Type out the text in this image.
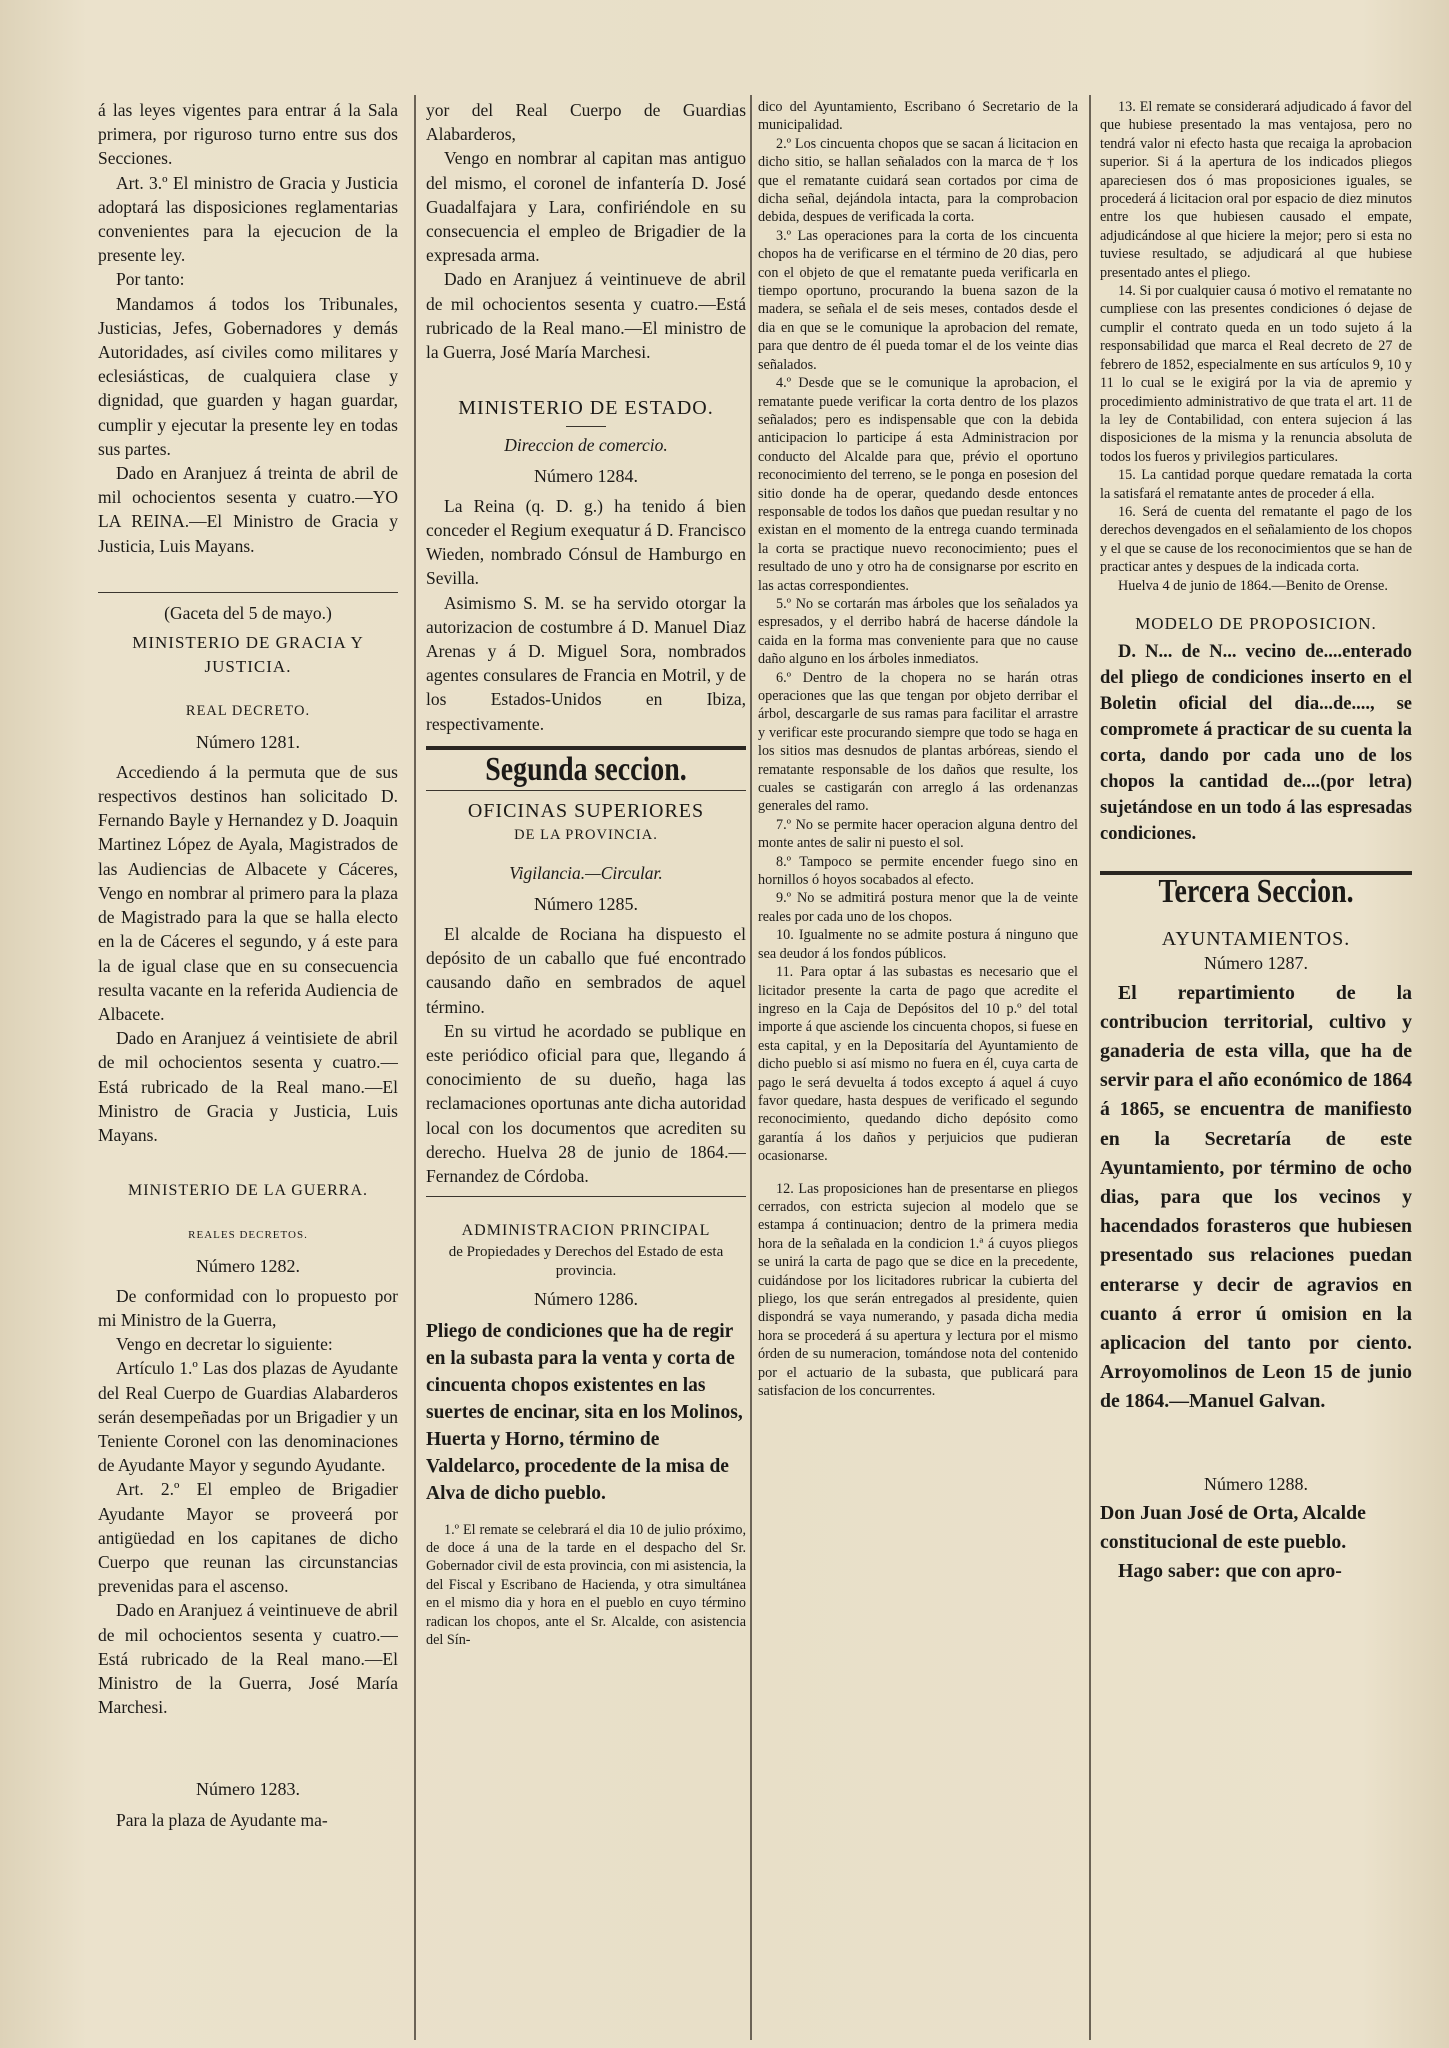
á las leyes vigentes para entrar á la Sala primera, por riguroso turno entre sus dos Secciones.

Art. 3.º El ministro de Gracia y Justicia adoptará las disposiciones reglamentarias convenientes para la ejecucion de la presente ley.

Por tanto:

Mandamos á todos los Tribunales, Justicias, Jefes, Gobernadores y demás Autoridades, así civiles como militares y eclesiásticas, de cualquiera clase y dignidad, que guarden y hagan guardar, cumplir y ejecutar la presente ley en todas sus partes.

Dado en Aranjuez á treinta de abril de mil ochocientos sesenta y cuatro.—YO LA REINA.—El Ministro de Gracia y Justicia, Luis Mayans.

(Gaceta del 5 de mayo.)

MINISTERIO DE GRACIA Y JUSTICIA.

REAL DECRETO.

Número 1281.

Accediendo á la permuta que de sus respectivos destinos han solicitado D. Fernando Bayle y Hernandez y D. Joaquin Martinez López de Ayala, Magistrados de las Audiencias de Albacete y Cáceres, Vengo en nombrar al primero para la plaza de Magistrado para la que se halla electo en la de Cáceres el segundo, y á este para la de igual clase que en su consecuencia resulta vacante en la referida Audiencia de Albacete.

Dado en Aranjuez á veintisiete de abril de mil ochocientos sesenta y cuatro.—Está rubricado de la Real mano.—El Ministro de Gracia y Justicia, Luis Mayans.

MINISTERIO DE LA GUERRA.

REALES DECRETOS.

Número 1282.

De conformidad con lo propuesto por mi Ministro de la Guerra,

Vengo en decretar lo siguiente:

Artículo 1.º Las dos plazas de Ayudante del Real Cuerpo de Guardias Alabarderos serán desempeñadas por un Brigadier y un Teniente Coronel con las denominaciones de Ayudante Mayor y segundo Ayudante.

Art. 2.º El empleo de Brigadier Ayudante Mayor se proveerá por antigüedad en los capitanes de dicho Cuerpo que reunan las circunstancias prevenidas para el ascenso.

Dado en Aranjuez á veintinueve de abril de mil ochocientos sesenta y cuatro.—Está rubricado de la Real mano.—El Ministro de la Guerra, José María Marchesi.

Número 1283.

Para la plaza de Ayudante ma-

yor del Real Cuerpo de Guardias Alabarderos,

Vengo en nombrar al capitan mas antiguo del mismo, el coronel de infantería D. José Guadalfajara y Lara, confiriéndole en su consecuencia el empleo de Brigadier de la expresada arma.

Dado en Aranjuez á veintinueve de abril de mil ochocientos sesenta y cuatro.—Está rubricado de la Real mano.—El ministro de la Guerra, José María Marchesi.

MINISTERIO DE ESTADO.

Direccion de comercio.

Número 1284.

La Reina (q. D. g.) ha tenido á bien conceder el Regium exequatur á D. Francisco Wieden, nombrado Cónsul de Hamburgo en Sevilla.

Asimismo S. M. se ha servido otorgar la autorizacion de costumbre á D. Manuel Diaz Arenas y á D. Miguel Sora, nombrados agentes consulares de Francia en Motril, y de los Estados-Unidos en Ibiza, respectivamente.

Segunda seccion.

OFICINAS SUPERIORES

DE LA PROVINCIA.

Vigilancia.—Circular.

Número 1285.

El alcalde de Rociana ha dispuesto el depósito de un caballo que fué encontrado causando daño en sembrados de aquel término.

En su virtud he acordado se publique en este periódico oficial para que, llegando á conocimiento de su dueño, haga las reclamaciones oportunas ante dicha autoridad local con los documentos que acrediten su derecho. Huelva 28 de junio de 1864.—Fernandez de Córdoba.

ADMINISTRACION PRINCIPAL

de Propiedades y Derechos del Estado de esta provincia.

Número 1286.

Pliego de condiciones que ha de regir en la subasta para la venta y corta de cincuenta chopos existentes en las suertes de encinar, sita en los Molinos, Huerta y Horno, término de Valdelarco, procedente de la misa de Alva de dicho pueblo.

1.º El remate se celebrará el dia 10 de julio próximo, de doce á una de la tarde en el despacho del Sr. Gobernador civil de esta provincia, con mi asistencia, la del Fiscal y Escribano de Hacienda, y otra simultánea en el mismo dia y hora en el pueblo en cuyo término radican los chopos, ante el Sr. Alcalde, con asistencia del Sín-

dico del Ayuntamiento, Escribano ó Secretario de la municipalidad.

2.º Los cincuenta chopos que se sacan á licitacion en dicho sitio, se hallan señalados con la marca de † los que el rematante cuidará sean cortados por cima de dicha señal, dejándola intacta, para la comprobacion debida, despues de verificada la corta.

3.º Las operaciones para la corta de los cincuenta chopos ha de verificarse en el término de 20 dias, pero con el objeto de que el rematante pueda verificarla en tiempo oportuno, procurando la buena sazon de la madera, se señala el de seis meses, contados desde el dia en que se le comunique la aprobacion del remate, para que dentro de él pueda tomar el de los veinte dias señalados.

4.º Desde que se le comunique la aprobacion, el rematante puede verificar la corta dentro de los plazos señalados; pero es indispensable que con la debida anticipacion lo participe á esta Administracion por conducto del Alcalde para que, prévio el oportuno reconocimiento del terreno, se le ponga en posesion del sitio donde ha de operar, quedando desde entonces responsable de todos los daños que puedan resultar y no existan en el momento de la entrega cuando terminada la corta se practique nuevo reconocimiento; pues el resultado de uno y otro ha de consignarse por escrito en las actas correspondientes.

5.º No se cortarán mas árboles que los señalados ya espresados, y el derribo habrá de hacerse dándole la caida en la forma mas conveniente para que no cause daño alguno en los árboles inmediatos.

6.º Dentro de la chopera no se harán otras operaciones que las que tengan por objeto derribar el árbol, descargarle de sus ramas para facilitar el arrastre y verificar este procurando siempre que todo se haga en los sitios mas desnudos de plantas arbóreas, siendo el rematante responsable de los daños que resulte, los cuales se castigarán con arreglo á las ordenanzas generales del ramo.

7.º No se permite hacer operacion alguna dentro del monte antes de salir ni puesto el sol.

8.º Tampoco se permite encender fuego sino en hornillos ó hoyos socabados al efecto.

9.º No se admitirá postura menor que la de veinte reales por cada uno de los chopos.

10. Igualmente no se admite postura á ninguno que sea deudor á los fondos públicos.

11. Para optar á las subastas es necesario que el licitador presente la carta de pago que acredite el ingreso en la Caja de Depósitos del 10 p.º del total importe á que asciende los cincuenta chopos, si fuese en esta capital, y en la Depositaría del Ayuntamiento de dicho pueblo si así mismo no fuera en él, cuya carta de pago le será devuelta á todos excepto á aquel á cuyo favor quedare, hasta despues de verificado el segundo reconocimiento, quedando dicho depósito como garantía á los daños y perjuicios que pudieran ocasionarse.

12. Las proposiciones han de presentarse en pliegos cerrados, con estricta sujecion al modelo que se estampa á continuacion; dentro de la primera media hora de la señalada en la condicion 1.ª á cuyos pliegos se unirá la carta de pago que se dice en la precedente, cuidándose por los licitadores rubricar la cubierta del pliego, los que serán entregados al presidente, quien dispondrá se vaya numerando, y pasada dicha media hora se procederá á su apertura y lectura por el mismo órden de su numeracion, tomándose nota del contenido por el actuario de la subasta, que publicará para satisfacion de los concurrentes.

13. El remate se considerará adjudicado á favor del que hubiese presentado la mas ventajosa, pero no tendrá valor ni efecto hasta que recaiga la aprobacion superior. Si á la apertura de los indicados pliegos apareciesen dos ó mas proposiciones iguales, se procederá á licitacion oral por espacio de diez minutos entre los que hubiesen causado el empate, adjudicándose al que hiciere la mejor; pero si esta no tuviese resultado, se adjudicará al que hubiese presentado antes el pliego.

14. Si por cualquier causa ó motivo el rematante no cumpliese con las presentes condiciones ó dejase de cumplir el contrato queda en un todo sujeto á la responsabilidad que marca el Real decreto de 27 de febrero de 1852, especialmente en sus artículos 9, 10 y 11 lo cual se le exigirá por la via de apremio y procedimiento administrativo de que trata el art. 11 de la ley de Contabilidad, con entera sujecion á las disposiciones de la misma y la renuncia absoluta de todos los fueros y privilegios particulares.

15. La cantidad porque quedare rematada la corta la satisfará el rematante antes de proceder á ella.

16. Será de cuenta del rematante el pago de los derechos devengados en el señalamiento de los chopos y el que se cause de los reconocimientos que se han de practicar antes y despues de la indicada corta.

Huelva 4 de junio de 1864.—Benito de Orense.

MODELO DE PROPOSICION.

D. N... de N... vecino de....enterado del pliego de condiciones inserto en el Boletin oficial del dia...de...., se compromete á practicar de su cuenta la corta, dando por cada uno de los chopos la cantidad de....(por letra) sujetándose en un todo á las espresadas condiciones.

Tercera Seccion.

AYUNTAMIENTOS.

Número 1287.

El repartimiento de la contribucion territorial, cultivo y ganaderia de esta villa, que ha de servir para el año económico de 1864 á 1865, se encuentra de manifiesto en la Secretaría de este Ayuntamiento, por término de ocho dias, para que los vecinos y hacendados forasteros que hubiesen presentado sus relaciones puedan enterarse y decir de agravios en cuanto á error ú omision en la aplicacion del tanto por ciento. Arroyomolinos de Leon 15 de junio de 1864.—Manuel Galvan.

Número 1288.

Don Juan José de Orta, Alcalde constitucional de este pueblo.

Hago saber: que con apro-
